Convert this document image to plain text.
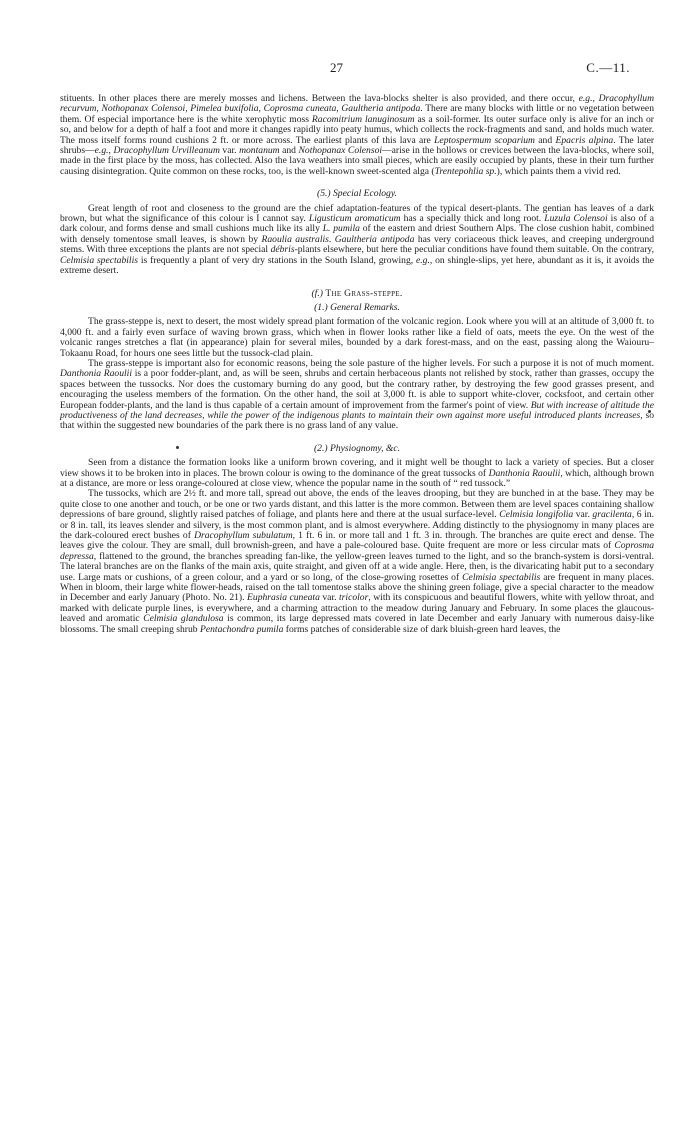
27	C.—11.

stituents. In other places there are merely mosses and lichens. Between the lava-blocks shelter is also provided, and there occur, e.g., Dracophyllum recurvum, Nothopanax Colensoi, Pimelea buxifolia, Coprosma cuneata, Gaultheria antipoda. There are many blocks with little or no vegetation between them. Of especial importance here is the white xerophytic moss Racomitrium lanuginosum as a soil-former. Its outer surface only is alive for an inch or so, and below for a depth of half a foot and more it changes rapidly into peaty humus, which collects the rock-fragments and sand, and holds much water. The moss itself forms round cushions 2 ft. or more across. The earliest plants of this lava are Leptospermum scoparium and Epacris alpina. The later shrubs—e.g., Dracophyllum Urvilleanum var. montanum and Nothopanax Colensoi—arise in the hollows or crevices between the lava-blocks, where soil, made in the first place by the moss, has collected. Also the lava weathers into small pieces, which are easily occupied by plants, these in their turn further causing disintegration. Quite common on these rocks, too, is the well-known sweet-scented alga (Trentepohlia sp.), which paints them a vivid red.

(5.) Special Ecology.

Great length of root and closeness to the ground are the chief adaptation-features of the typical desert-plants. The gentian has leaves of a dark brown, but what the significance of this colour is I cannot say. Ligusticum aromaticum has a specially thick and long root. Luzula Colensoi is also of a dark colour, and forms dense and small cushions much like its ally L. pumila of the eastern and driest Southern Alps. The close cushion habit, combined with densely tomentose small leaves, is shown by Raoulia australis. Gaultheria antipoda has very coriaceous thick leaves, and creeping underground stems. With three exceptions the plants are not special débris-plants elsewhere, but here the peculiar conditions have found them suitable. On the contrary, Celmisia spectabilis is frequently a plant of very dry stations in the South Island, growing, e.g., on shingle-slips, yet here, abundant as it is, it avoids the extreme desert.

(f.) The Grass-steppe.
(1.) General Remarks.

The grass-steppe is, next to desert, the most widely spread plant formation of the volcanic region. Look where you will at an altitude of 3,000 ft. to 4,000 ft. and a fairly even surface of waving brown grass, which when in flower looks rather like a field of oats, meets the eye. On the west of the volcanic ranges stretches a flat (in appearance) plain for several miles, bounded by a dark forest-mass, and on the east, passing along the Waiouru–Tokaanu Road, for hours one sees little but the tussock-clad plain.

The grass-steppe is important also for economic reasons, being the sole pasture of the higher levels. For such a purpose it is not of much moment. Danthonia Raoulii is a poor fodder-plant, and, as will be seen, shrubs and certain herbaceous plants not relished by stock, rather than grasses, occupy the spaces between the tussocks. Nor does the customary burning do any good, but the contrary rather, by destroying the few good grasses present, and encouraging the useless members of the formation. On the other hand, the soil at 3,000 ft. is able to support white-clover, cocksfoot, and certain other European fodder-plants, and the land is thus capable of a certain amount of improvement from the farmer's point of view. But with increase of altitude the productiveness of the land decreases, while the power of the indigenous plants to maintain their own against more useful introduced plants increases, so that within the suggested new boundaries of the park there is no grass land of any value.

(2.) Physiognomy, &c.

Seen from a distance the formation looks like a uniform brown covering, and it might well be thought to lack a variety of species. But a closer view shows it to be broken into in places. The brown colour is owing to the dominance of the great tussocks of Danthonia Raoulii, which, although brown at a distance, are more or less orange-coloured at close view, whence the popular name in the south of “ red tussock.”

The tussocks, which are 2½ ft. and more tall, spread out above, the ends of the leaves drooping, but they are bunched in at the base. They may be quite close to one another and touch, or be one or two yards distant, and this latter is the more common. Between them are level spaces containing shallow depressions of bare ground, slightly raised patches of foliage, and plants here and there at the usual surface-level. Celmisia longifolia var. gracilenta, 6 in. or 8 in. tall, its leaves slender and silvery, is the most common plant, and is almost everywhere. Adding distinctly to the physiognomy in many places are the dark-coloured erect bushes of Dracophyllum subulatum, 1 ft. 6 in. or more tall and 1 ft. 3 in. through. The branches are quite erect and dense. The leaves give the colour. They are small, dull brownish-green, and have a pale-coloured base. Quite frequent are more or less circular mats of Coprosma depressa, flattened to the ground, the branches spreading fan-like, the yellow-green leaves turned to the light, and so the branch-system is dorsi-ventral. The lateral branches are on the flanks of the main axis, quite straight, and given off at a wide angle. Here, then, is the divaricating habit put to a secondary use. Large mats or cushions, of a green colour, and a yard or so long, of the close-growing rosettes of Celmisia spectabilis are frequent in many places. When in bloom, their large white flower-heads, raised on the tall tomentose stalks above the shining green foliage, give a special character to the meadow in December and early January (Photo. No. 21). Euphrasia cuneata var. tricolor, with its conspicuous and beautiful flowers, white with yellow throat, and marked with delicate purple lines, is everywhere, and a charming attraction to the meadow during January and February. In some places the glaucous-leaved and aromatic Celmisia glandulosa is common, its large depressed mats covered in late December and early January with numerous daisy-like blossoms. The small creeping shrub Pentachondra pumila forms patches of considerable size of dark bluish-green hard leaves, the
